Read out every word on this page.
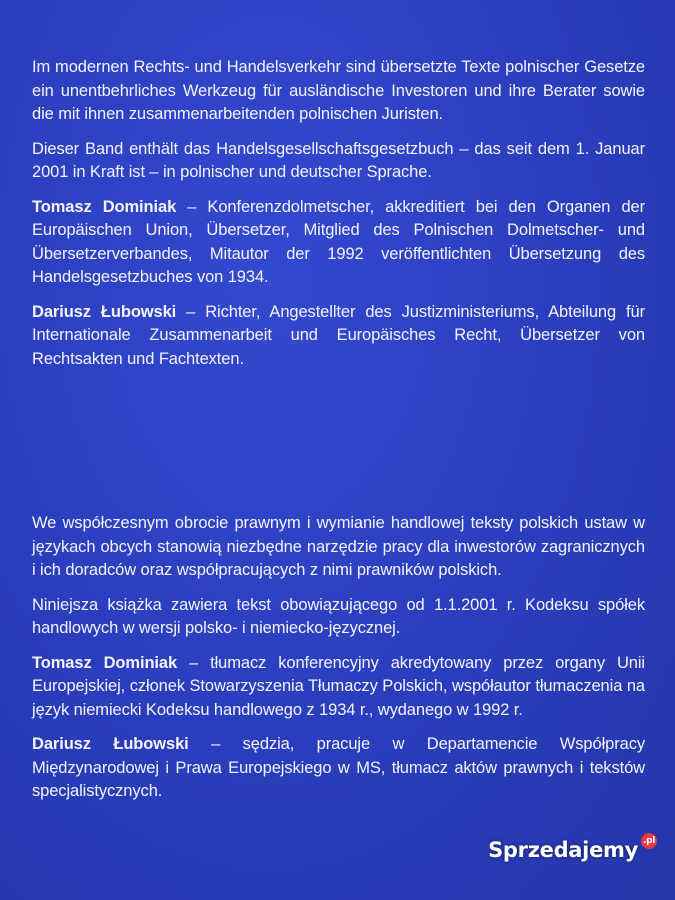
Im modernen Rechts- und Handelsverkehr sind übersetzte Texte polnischer Gesetze ein unentbehrliches Werkzeug für ausländische Investoren und ihre Berater sowie die mit ihnen zusammenarbeitenden polnischen Juristen.

Dieser Band enthält das Handelsgesellschaftsgesetzbuch – das seit dem 1. Januar 2001 in Kraft ist – in polnischer und deutscher Sprache.

Tomasz Dominiak – Konferenzdolmetscher, akkreditiert bei den Organen der Europäischen Union, Übersetzer, Mitglied des Polnischen Dolmetscher- und Übersetzerverbandes, Mitautor der 1992 veröffentlichten Übersetzung des Handelsgesetzbuches von 1934.

Dariusz Łubowski – Richter, Angestellter des Justizministeriums, Abteilung für Internationale Zusammenarbeit und Europäisches Recht, Übersetzer von Rechtsakten und Fachtexten.

We współczesnym obrocie prawnym i wymianie handlowej teksty polskich ustaw w językach obcych stanowią niezbędne narzędzie pracy dla inwestorów zagranicznych i ich doradców oraz współpracujących z nimi prawników polskich.

Niniejsza książka zawiera tekst obowiązującego od 1.1.2001 r. Kodeksu spółek handlowych w wersji polsko- i niemiecko-języcznej.

Tomasz Dominiak – tłumacz konferencyjny akredytowany przez organy Unii Europejskiej, członek Stowarzyszenia Tłumaczy Polskich, współautor tłumaczenia na język niemiecki Kodeksu handlowego z 1934 r., wydanego w 1992 r.

Dariusz Łubowski – sędzia, pracuje w Departamencie Współpracy Międzynarodowej i Prawa Europejskiego w MS, tłumacz aktów prawnych i tekstów specjalistycznych.

Sprzedajemy .pl
